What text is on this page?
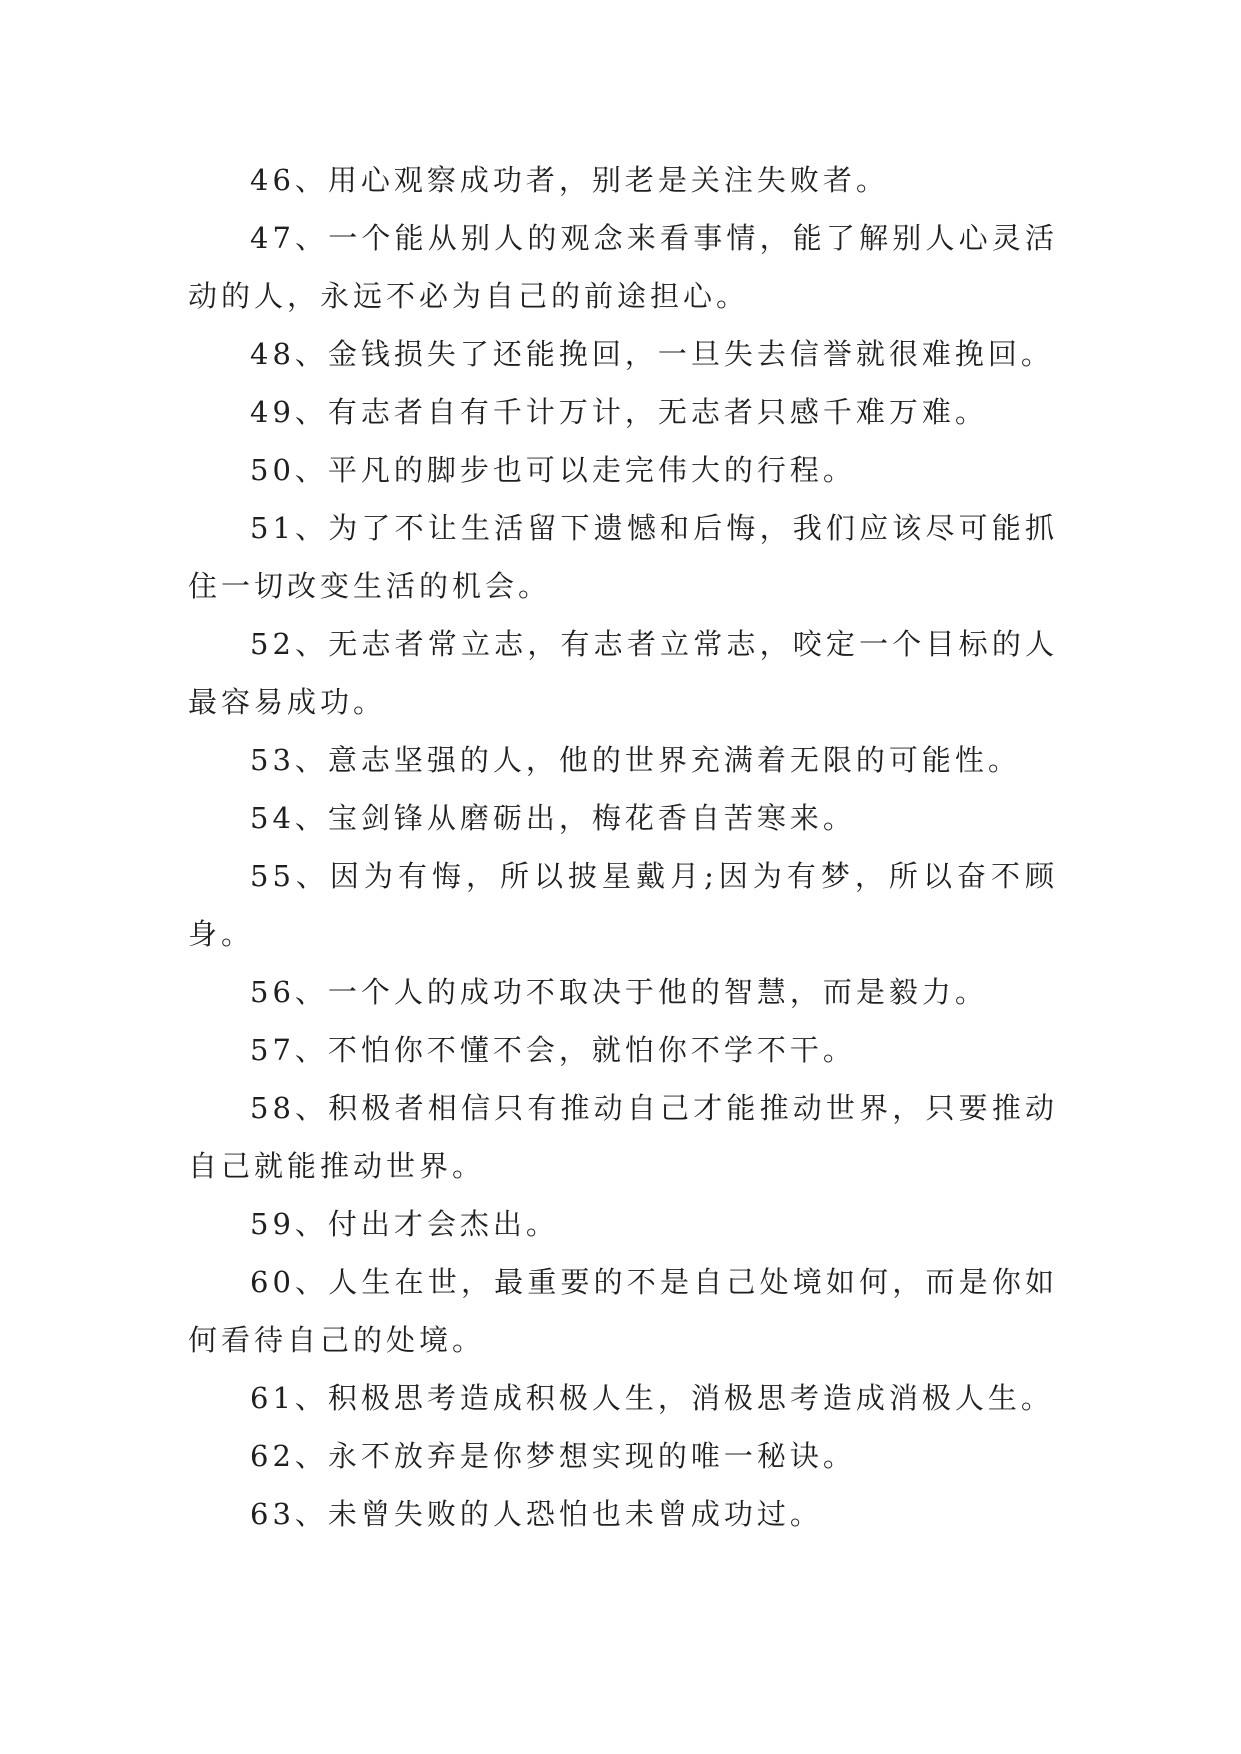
46、用心观察成功者，别老是关注失败者。

47、一个能从别人的观念来看事情，能了解别人心灵活动的人，永远不必为自己的前途担心。

48、金钱损失了还能挽回，一旦失去信誉就很难挽回。

49、有志者自有千计万计，无志者只感千难万难。

50、平凡的脚步也可以走完伟大的行程。

51、为了不让生活留下遗憾和后悔，我们应该尽可能抓住一切改变生活的机会。

52、无志者常立志，有志者立常志，咬定一个目标的人最容易成功。

53、意志坚强的人，他的世界充满着无限的可能性。

54、宝剑锋从磨砺出，梅花香自苦寒来。

55、因为有悔，所以披星戴月;因为有梦，所以奋不顾身。

56、一个人的成功不取决于他的智慧，而是毅力。

57、不怕你不懂不会，就怕你不学不干。

58、积极者相信只有推动自己才能推动世界，只要推动自己就能推动世界。

59、付出才会杰出。

60、人生在世，最重要的不是自己处境如何，而是你如何看待自己的处境。

61、积极思考造成积极人生，消极思考造成消极人生。

62、永不放弃是你梦想实现的唯一秘诀。

63、未曾失败的人恐怕也未曾成功过。
